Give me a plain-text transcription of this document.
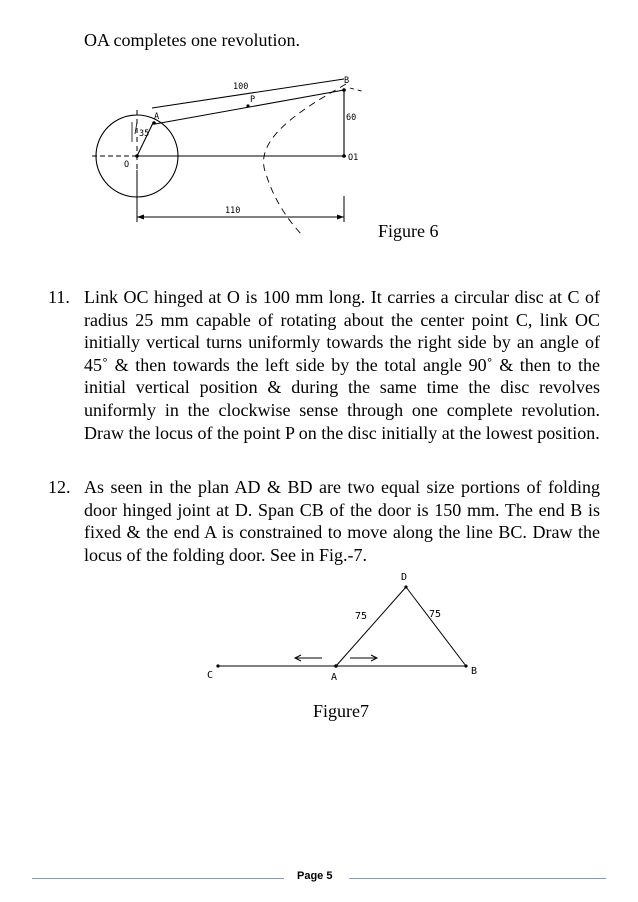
OA completes one revolution.

100
B
P
A	60
35
O
O1
110

Figure 6

11. Link OC hinged at O is 100 mm long. It carries a circular disc at C of radius 25 mm capable of rotating about the center point C, link OC initially vertical turns uniformly towards the right side by an angle of 45˚ & then towards the left side by the total angle 90˚ & then to the initial vertical position & during the same time the disc revolves uniformly in the clockwise sense through one complete revolution. Draw the locus of the point P on the disc initially at the lowest position.
12. As seen in the plan AD & BD are two equal size portions of folding door hinged joint at D. Span CB of the door is 150 mm. The end B is fixed & the end A is constrained to move along the line BC. Draw the locus of the folding door. See in Fig.-7.
D
75	75
C	A
B

Figure7

Page 5
